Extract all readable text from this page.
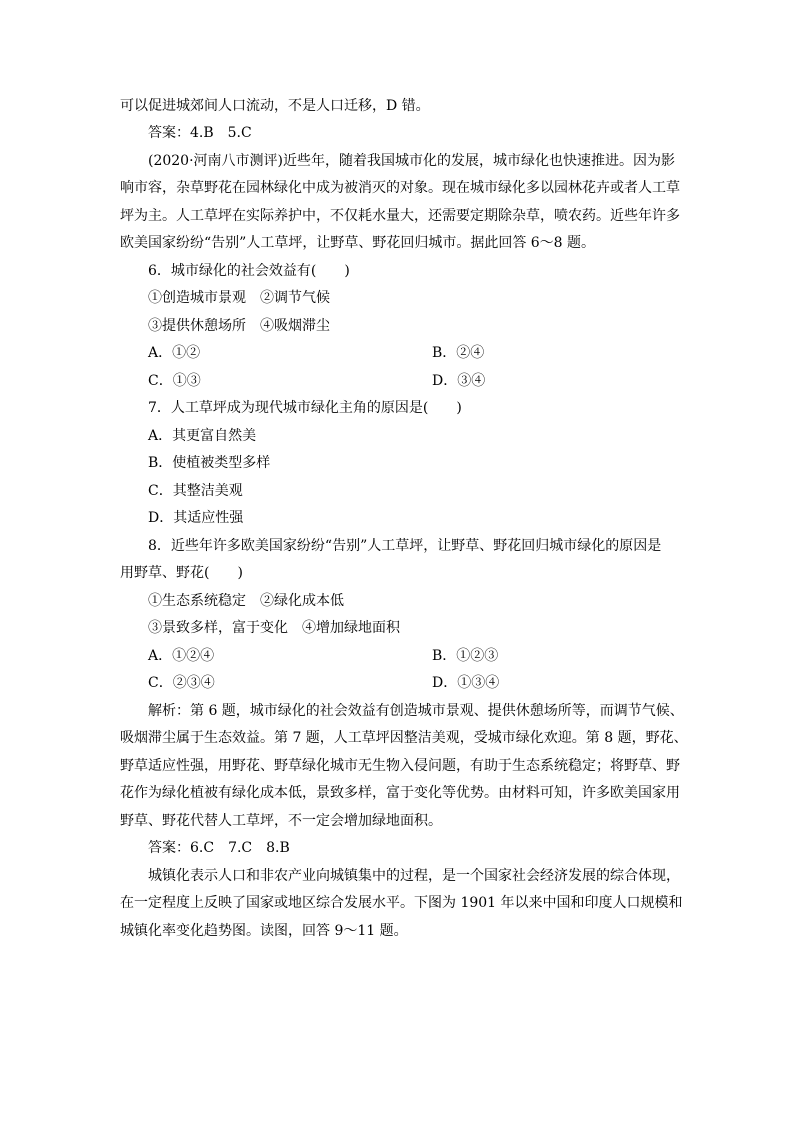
可以促进城郊间人口流动，不是人口迁移，D 错。
答案：4.B　5.C
(2020·河南八市测评)近些年，随着我国城市化的发展，城市绿化也快速推进。因为影
响市容，杂草野花在园林绿化中成为被消灭的对象。现在城市绿化多以园林花卉或者人工草
坪为主。人工草坪在实际养护中，不仅耗水量大，还需要定期除杂草，喷农药。近些年许多
欧美国家纷纷“告别”人工草坪，让野草、野花回归城市。据此回答 6～8 题。
6．城市绿化的社会效益有(　　)
①创造城市景观　②调节气候
③提供休憩场所　④吸烟滞尘
A．①②	B．②④
C．①③	D．③④
7．人工草坪成为现代城市绿化主角的原因是(　　)
A．其更富自然美
B．使植被类型多样
C．其整洁美观
D．其适应性强
8．近些年许多欧美国家纷纷“告别”人工草坪，让野草、野花回归城市绿化的原因是
用野草、野花(　　)
①生态系统稳定　②绿化成本低
③景致多样，富于变化　④增加绿地面积
A．①②④	B．①②③
C．②③④	D．①③④
解析：第 6 题，城市绿化的社会效益有创造城市景观、提供休憩场所等，而调节气候、
吸烟滞尘属于生态效益。第 7 题，人工草坪因整洁美观，受城市绿化欢迎。第 8 题，野花、
野草适应性强，用野花、野草绿化城市无生物入侵问题，有助于生态系统稳定；将野草、野
花作为绿化植被有绿化成本低，景致多样，富于变化等优势。由材料可知，许多欧美国家用
野草、野花代替人工草坪，不一定会增加绿地面积。
答案：6.C　7.C　8.B
城镇化表示人口和非农产业向城镇集中的过程，是一个国家社会经济发展的综合体现，
在一定程度上反映了国家或地区综合发展水平。下图为 1901 年以来中国和印度人口规模和
城镇化率变化趋势图。读图，回答 9～11 题。
